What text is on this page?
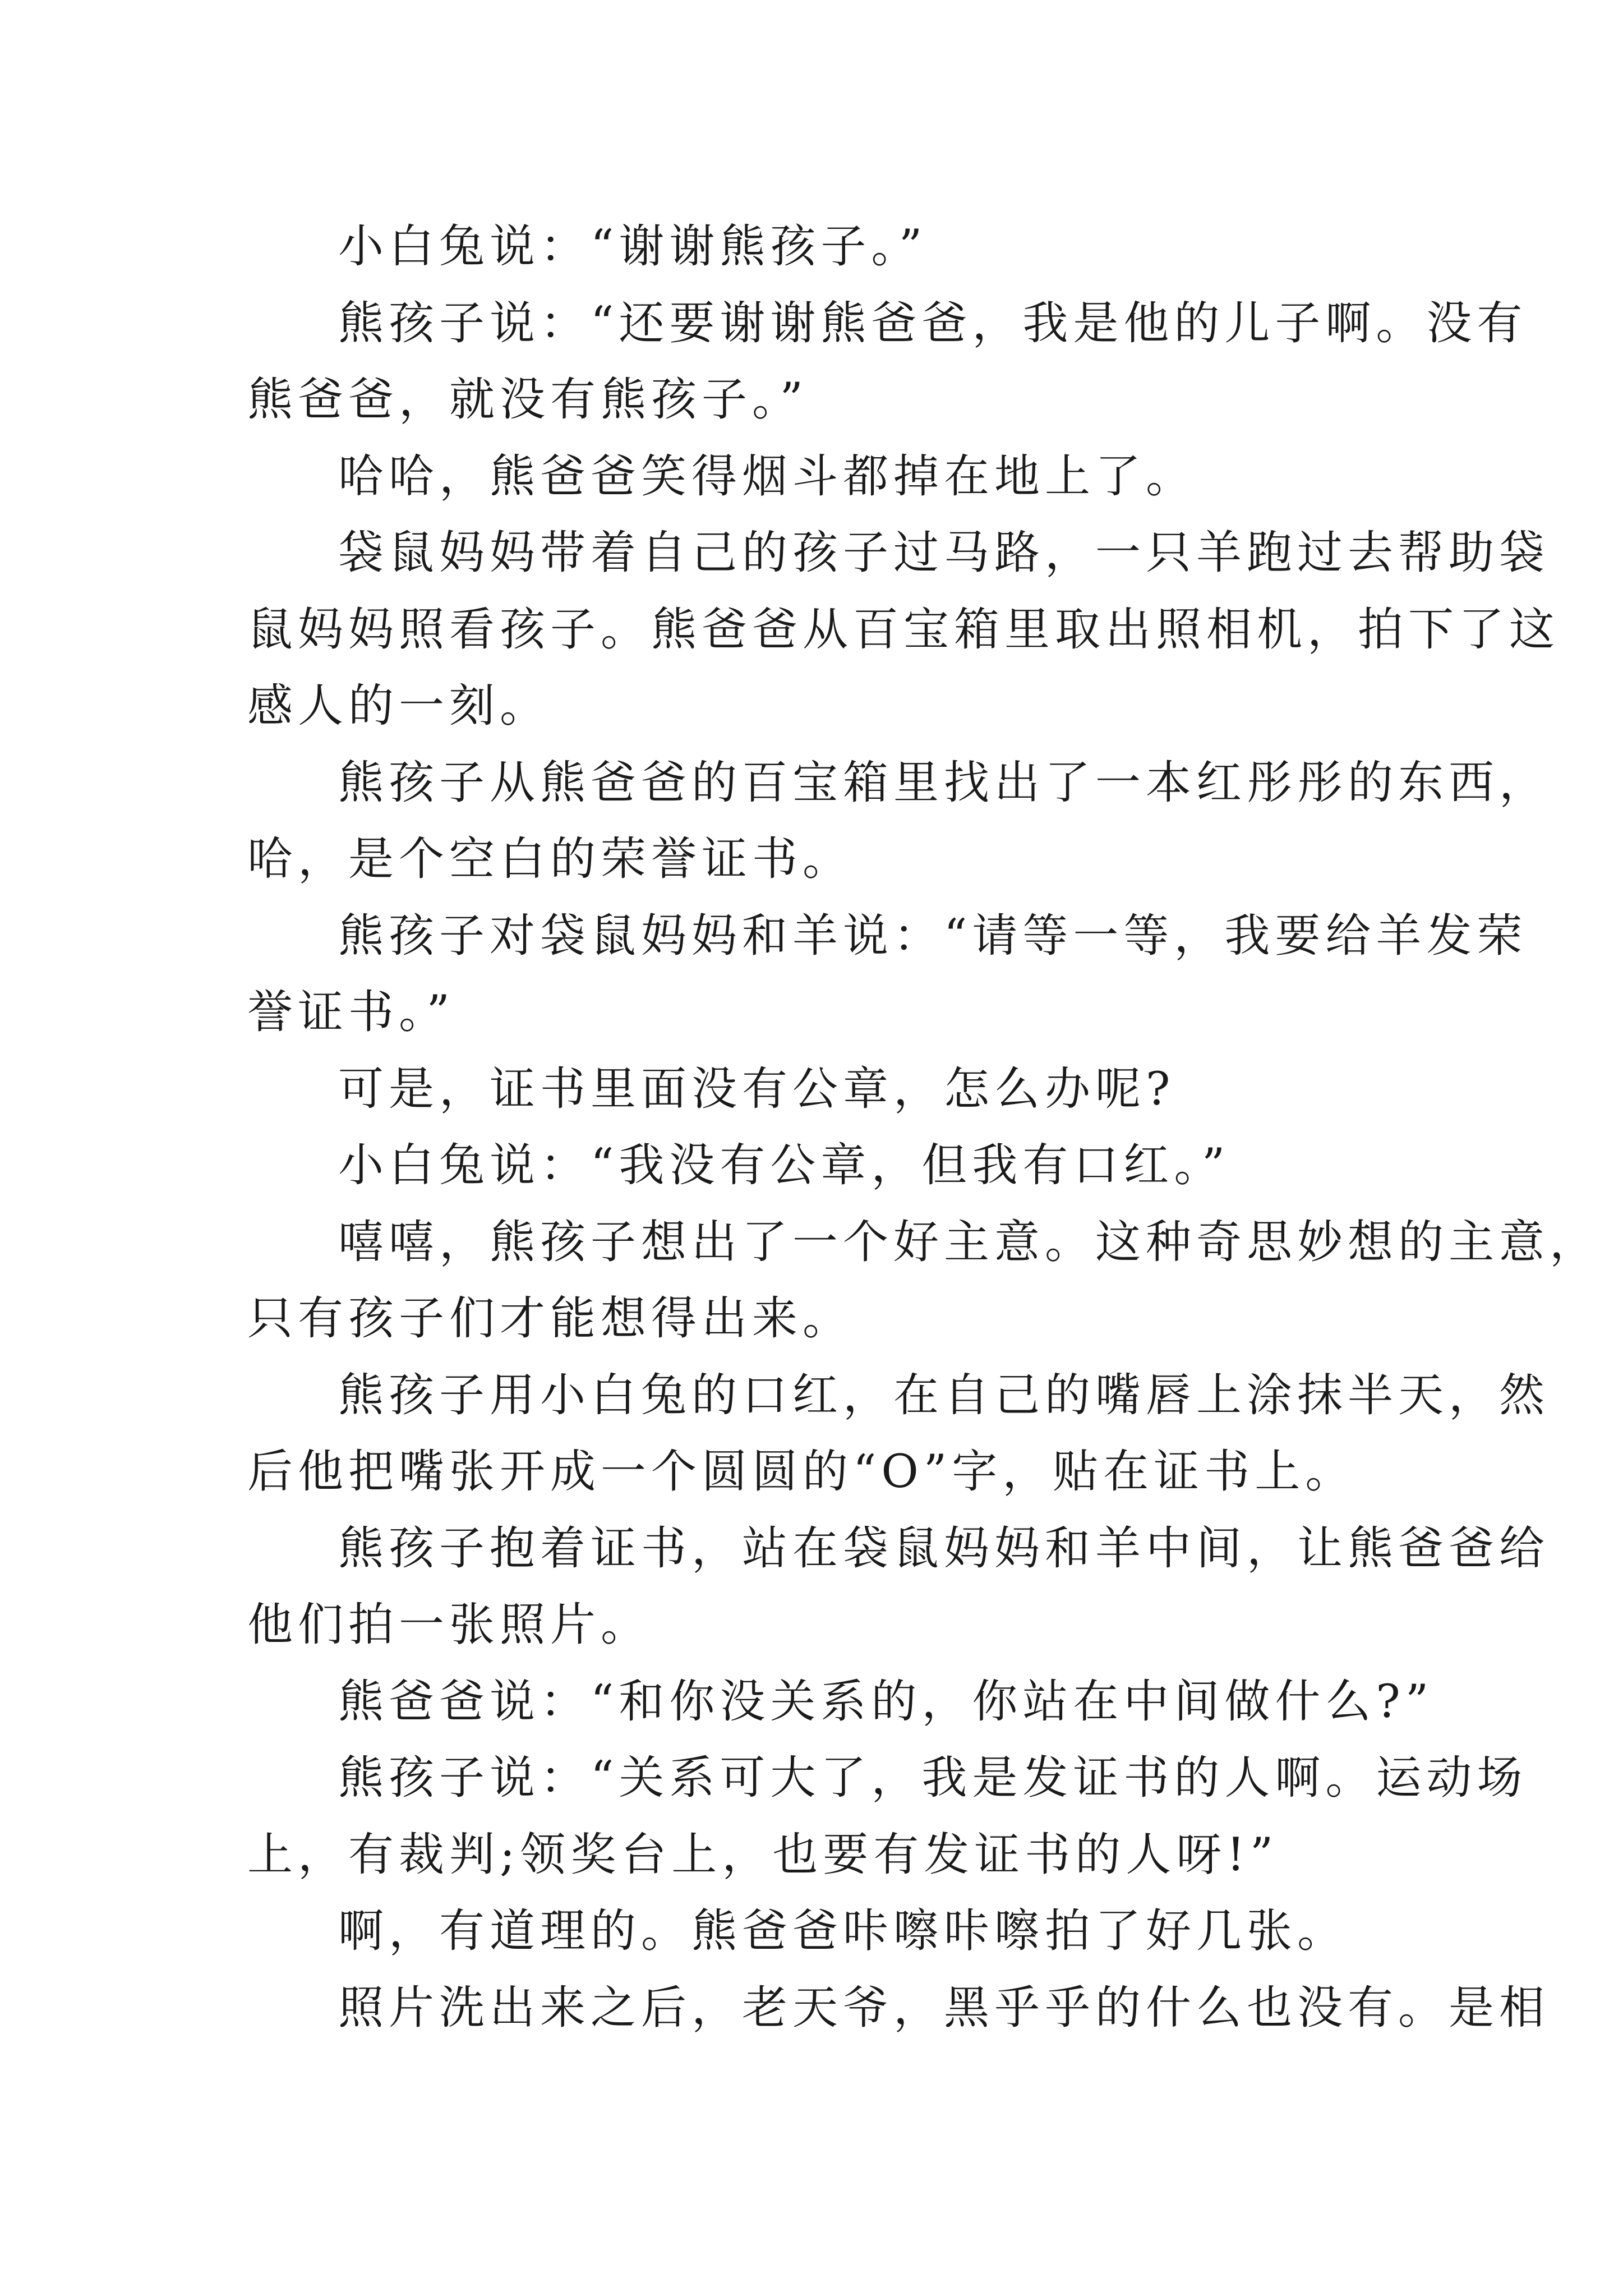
小白兔说：“谢谢熊孩子。”
熊孩子说：“还要谢谢熊爸爸，我是他的儿子啊。没有
熊爸爸，就没有熊孩子。”
哈哈，熊爸爸笑得烟斗都掉在地上了。
袋鼠妈妈带着自己的孩子过马路，一只羊跑过去帮助袋
鼠妈妈照看孩子。熊爸爸从百宝箱里取出照相机，拍下了这
感人的一刻。
熊孩子从熊爸爸的百宝箱里找出了一本红彤彤的东西，
哈，是个空白的荣誉证书。
熊孩子对袋鼠妈妈和羊说：“请等一等，我要给羊发荣
誉证书。”
可是，证书里面没有公章，怎么办呢?
小白兔说：“我没有公章，但我有口红。”
嘻嘻，熊孩子想出了一个好主意。这种奇思妙想的主意，
只有孩子们才能想得出来。
熊孩子用小白兔的口红，在自己的嘴唇上涂抹半天，然
后他把嘴张开成一个圆圆的“O”字，贴在证书上。
熊孩子抱着证书，站在袋鼠妈妈和羊中间，让熊爸爸给
他们拍一张照片。
熊爸爸说：“和你没关系的，你站在中间做什么?”
熊孩子说：“关系可大了，我是发证书的人啊。运动场
上，有裁判;领奖台上，也要有发证书的人呀!”
啊，有道理的。熊爸爸咔嚓咔嚓拍了好几张。
照片洗出来之后，老天爷，黑乎乎的什么也没有。是相
